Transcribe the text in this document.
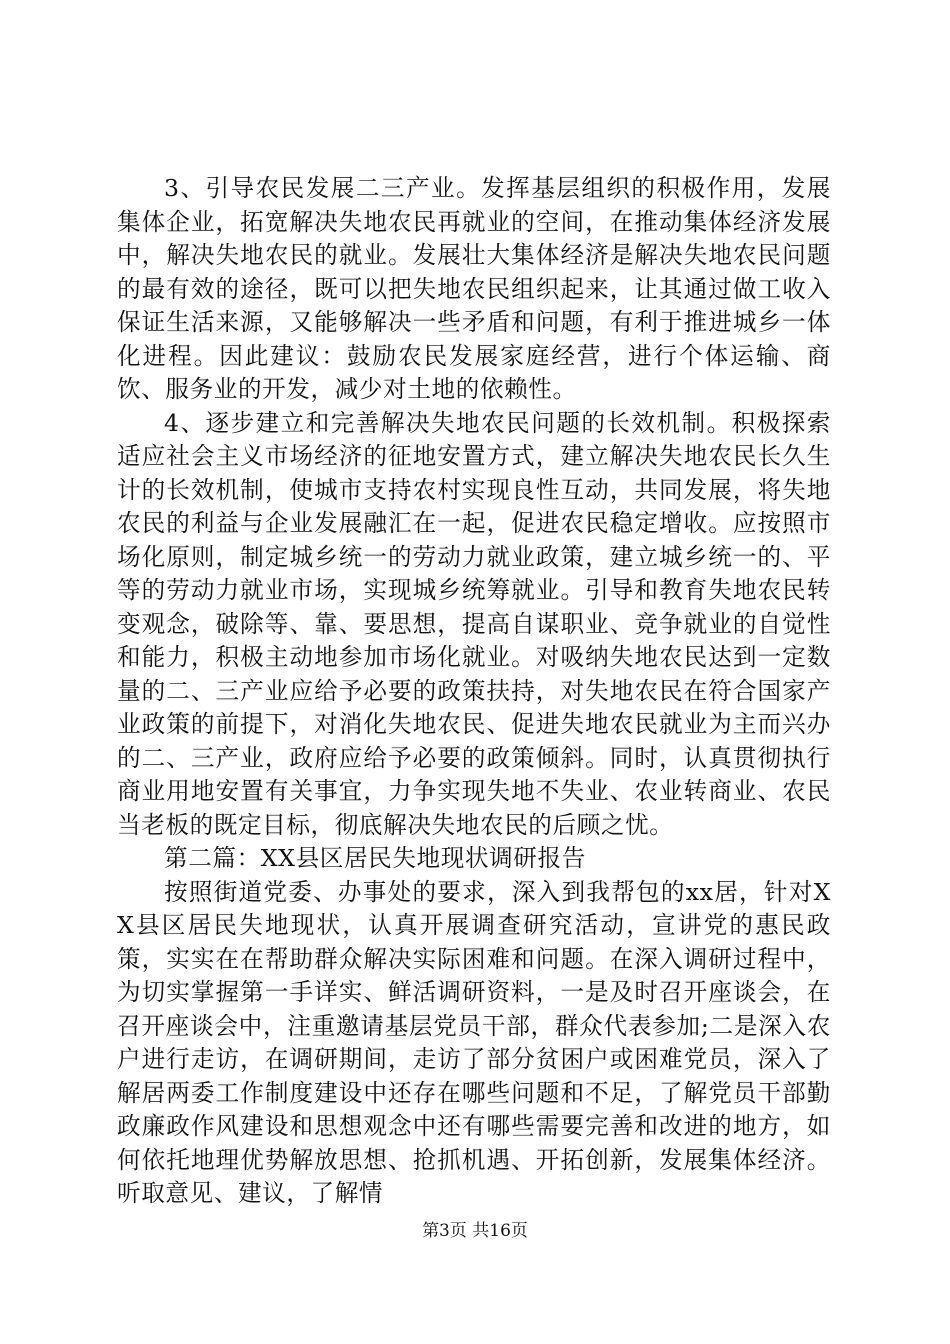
3、引导农民发展二三产业。发挥基层组织的积极作用，发展集体企业，拓宽解决失地农民再就业的空间，在推动集体经济发展中，解决失地农民的就业。发展壮大集体经济是解决失地农民问题的最有效的途径，既可以把失地农民组织起来，让其通过做工收入保证生活来源，又能够解决一些矛盾和问题，有利于推进城乡一体化进程。因此建议：鼓励农民发展家庭经营，进行个体运输、商饮、服务业的开发，减少对土地的依赖性。

4、逐步建立和完善解决失地农民问题的长效机制。积极探索适应社会主义市场经济的征地安置方式，建立解决失地农民长久生计的长效机制，使城市支持农村实现良性互动，共同发展，将失地农民的利益与企业发展融汇在一起，促进农民稳定增收。应按照市场化原则，制定城乡统一的劳动力就业政策，建立城乡统一的、平等的劳动力就业市场，实现城乡统筹就业。引导和教育失地农民转变观念，破除等、靠、要思想，提高自谋职业、竞争就业的自觉性和能力，积极主动地参加市场化就业。对吸纳失地农民达到一定数量的二、三产业应给予必要的政策扶持，对失地农民在符合国家产业政策的前提下，对消化失地农民、促进失地农民就业为主而兴办的二、三产业，政府应给予必要的政策倾斜。同时，认真贯彻执行商业用地安置有关事宜，力争实现失地不失业、农业转商业、农民当老板的既定目标，彻底解决失地农民的后顾之忧。

第二篇：XX县区居民失地现状调研报告

按照街道党委、办事处的要求，深入到我帮包的xx居，针对XX县区居民失地现状，认真开展调查研究活动，宣讲党的惠民政策，实实在在帮助群众解决实际困难和问题。在深入调研过程中，为切实掌握第一手详实、鲜活调研资料，一是及时召开座谈会，在召开座谈会中，注重邀请基层党员干部，群众代表参加;二是深入农户进行走访，在调研期间，走访了部分贫困户或困难党员，深入了解居两委工作制度建设中还存在哪些问题和不足，了解党员干部勤政廉政作风建设和思想观念中还有哪些需要完善和改进的地方，如何依托地理优势解放思想、抢抓机遇、开拓创新，发展集体经济。听取意见、建议，了解情

第3页 共16页
